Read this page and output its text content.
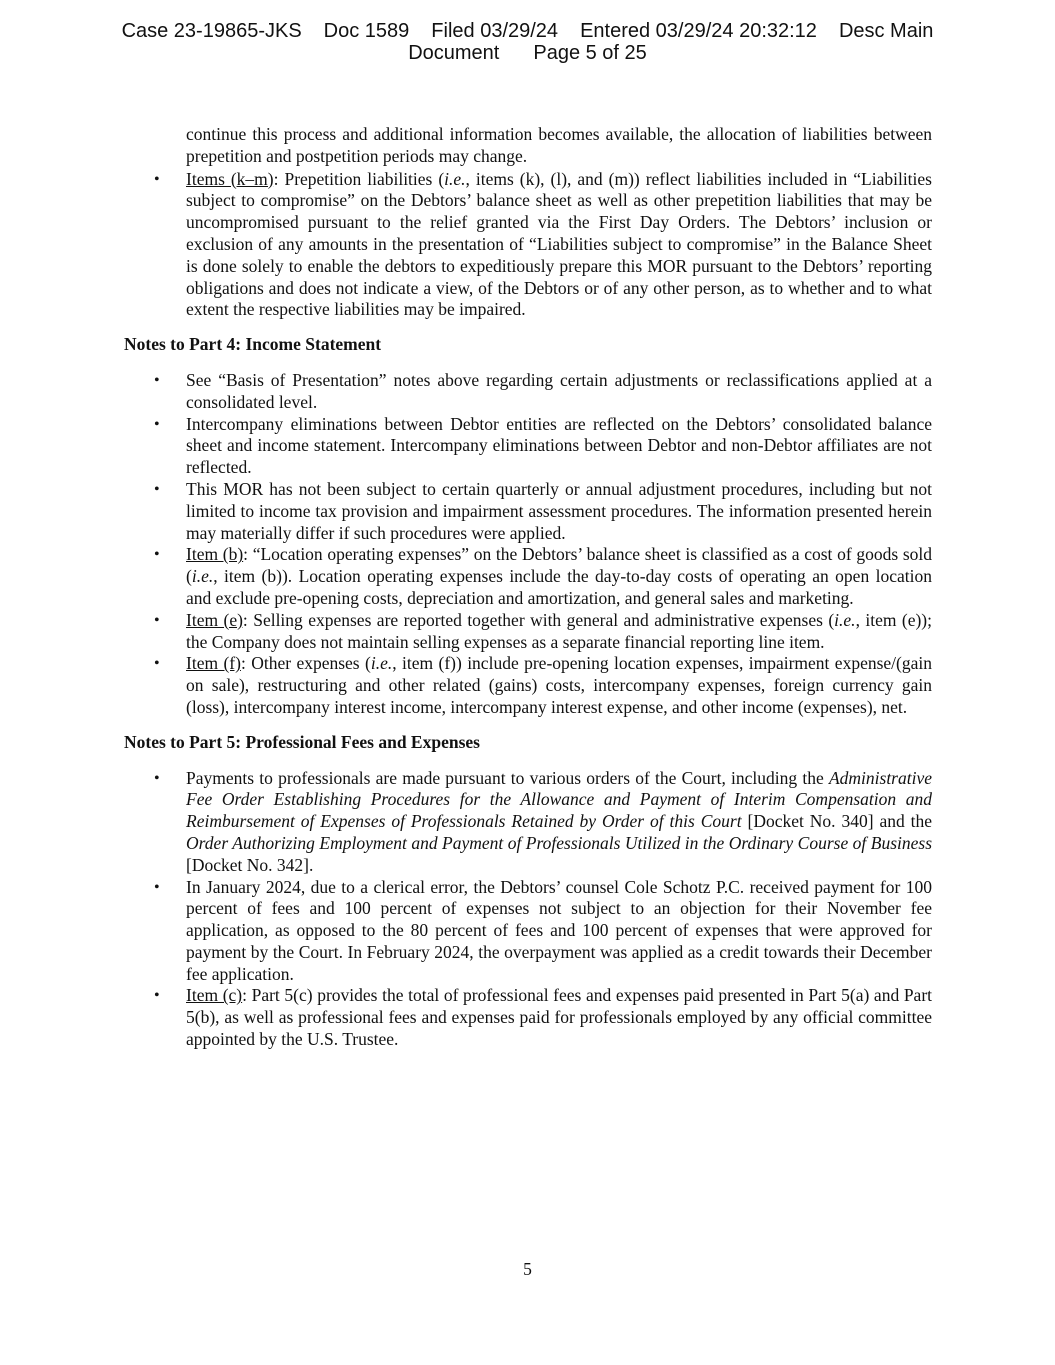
Case 23-19865-JKS Doc 1589 Filed 03/29/24 Entered 03/29/24 20:32:12 Desc Main
Document Page 5 of 25
continue this process and additional information becomes available, the allocation of liabilities between prepetition and postpetition periods may change.
• Items (k–m): Prepetition liabilities (i.e., items (k), (l), and (m)) reflect liabilities included in “Liabilities subject to compromise” on the Debtors’ balance sheet as well as other prepetition liabilities that may be uncompromised pursuant to the relief granted via the First Day Orders. The Debtors’ inclusion or exclusion of any amounts in the presentation of “Liabilities subject to compromise” in the Balance Sheet is done solely to enable the debtors to expeditiously prepare this MOR pursuant to the Debtors’ reporting obligations and does not indicate a view, of the Debtors or of any other person, as to whether and to what extent the respective liabilities may be impaired.
Notes to Part 4: Income Statement
• See “Basis of Presentation” notes above regarding certain adjustments or reclassifications applied at a consolidated level.
• Intercompany eliminations between Debtor entities are reflected on the Debtors’ consolidated balance sheet and income statement. Intercompany eliminations between Debtor and non-Debtor affiliates are not reflected.
• This MOR has not been subject to certain quarterly or annual adjustment procedures, including but not limited to income tax provision and impairment assessment procedures. The information presented herein may materially differ if such procedures were applied.
• Item (b): “Location operating expenses” on the Debtors’ balance sheet is classified as a cost of goods sold (i.e., item (b)). Location operating expenses include the day-to-day costs of operating an open location and exclude pre-opening costs, depreciation and amortization, and general sales and marketing.
• Item (e): Selling expenses are reported together with general and administrative expenses (i.e., item (e)); the Company does not maintain selling expenses as a separate financial reporting line item.
• Item (f): Other expenses (i.e., item (f)) include pre-opening location expenses, impairment expense/(gain on sale), restructuring and other related (gains) costs, intercompany expenses, foreign currency gain (loss), intercompany interest income, intercompany interest expense, and other income (expenses), net.
Notes to Part 5: Professional Fees and Expenses
• Payments to professionals are made pursuant to various orders of the Court, including the Administrative Fee Order Establishing Procedures for the Allowance and Payment of Interim Compensation and Reimbursement of Expenses of Professionals Retained by Order of this Court [Docket No. 340] and the Order Authorizing Employment and Payment of Professionals Utilized in the Ordinary Course of Business [Docket No. 342].
• In January 2024, due to a clerical error, the Debtors’ counsel Cole Schotz P.C. received payment for 100 percent of fees and 100 percent of expenses not subject to an objection for their November fee application, as opposed to the 80 percent of fees and 100 percent of expenses that were approved for payment by the Court. In February 2024, the overpayment was applied as a credit towards their December fee application.
• Item (c): Part 5(c) provides the total of professional fees and expenses paid presented in Part 5(a) and Part 5(b), as well as professional fees and expenses paid for professionals employed by any official committee appointed by the U.S. Trustee.
5
